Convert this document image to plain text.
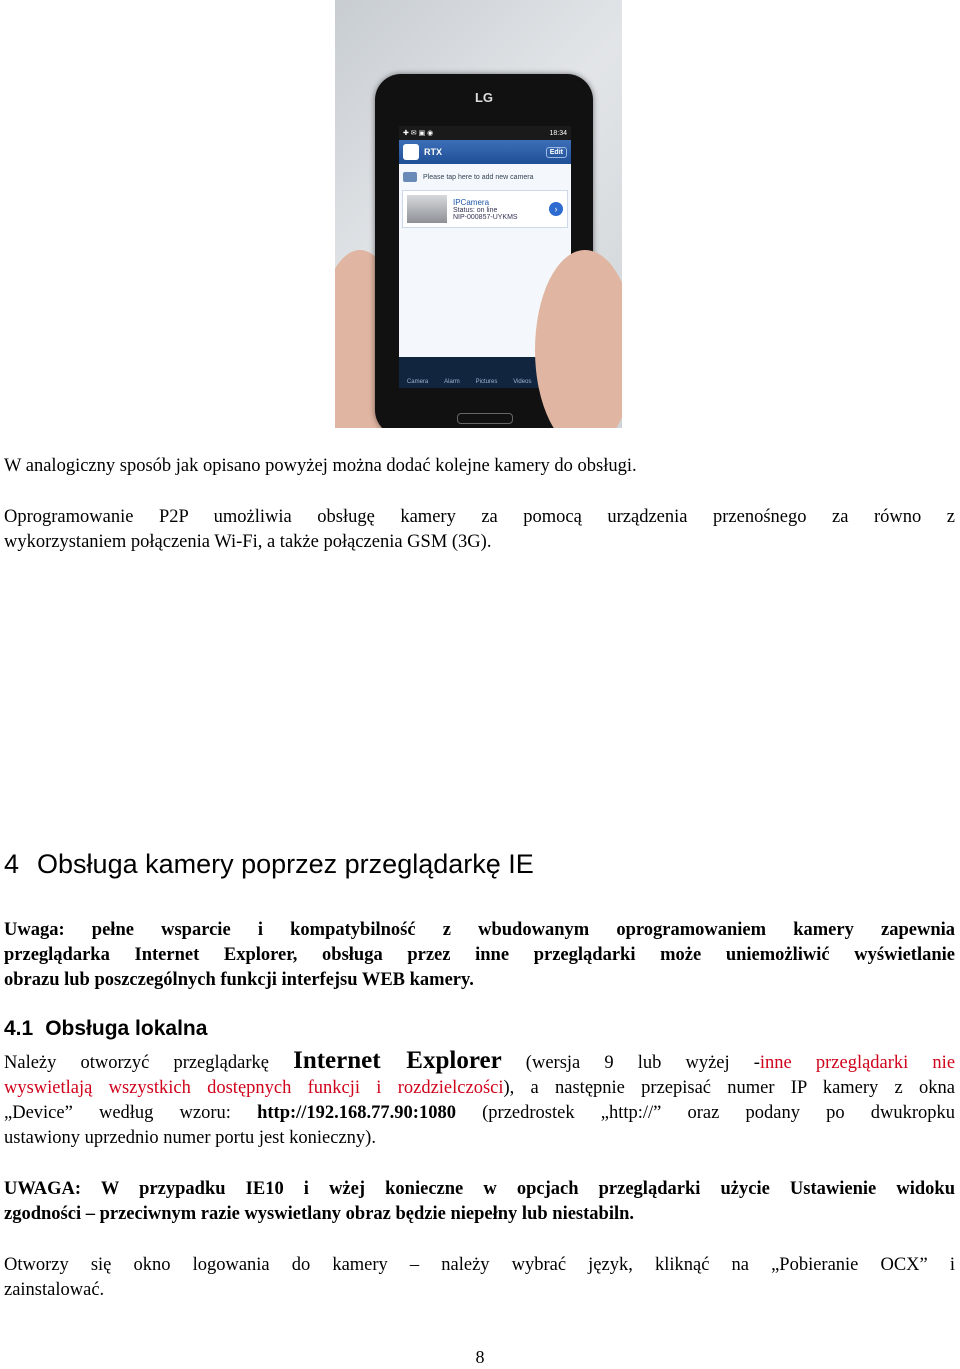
LG
✚ ✉ ▣ ◉	18:34
RTX	Edit
Please tap here to add new camera
IPCamera
Status: on line
NIP-000857-UYKMS
›
Camera	Alarm	Pictures	Videos

W analogiczny sposób jak opisano powyżej można dodać kolejne kamery do obsługi.

Oprogramowanie P2P umożliwia obsługę kamery za pomocą urządzenia przenośnego za równo z
wykorzystaniem połączenia Wi-Fi, a także połączenia GSM (3G).
4 Obsługa kamery poprzez przeglądarkę IE
Uwaga: pełne wsparcie i kompatybilność z wbudowanym oprogramowaniem kamery zapewnia
przeglądarka Internet Explorer, obsługa przez inne przeglądarki może uniemożliwić wyświetlanie
obrazu lub poszczególnych funkcji interfejsu WEB kamery.
4.1 Obsługa lokalna
Należy otworzyć przeglądarkę Internet Explorer (wersja 9 lub wyżej -inne przeglądarki nie
wyswietlają wszystkich dostępnych funkcji i rozdzielczości), a następnie przepisać numer IP kamery z okna
„Device” według wzoru: http://192.168.77.90:1080 (przedrostek „http://” oraz podany po dwukropku
ustawiony uprzednio numer portu jest konieczny).
UWAGA: W przypadku IE10 i wżej konieczne w opcjach przeglądarki użycie Ustawienie widoku
zgodności – przeciwnym razie wyswietlany obraz będzie niepełny lub niestabiln.
Otworzy się okno logowania do kamery – należy wybrać język, kliknąć na „Pobieranie OCX” i
zainstalować.
8
